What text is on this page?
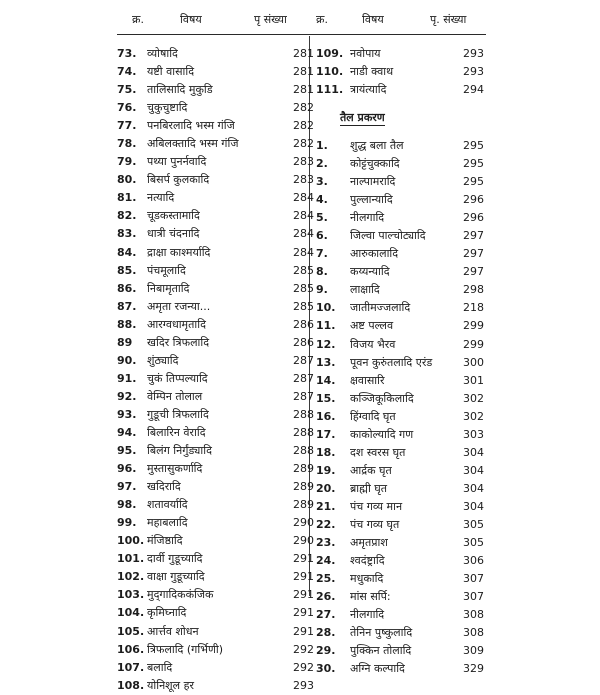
क्र.	विषय	पृ संख्या	क्र.	विषय	पृ. संख्या
73. व्योषादि	281
74. यष्टी वासादि	281
75. तालिसादि मुकुडि	281
76. चुकुचुष्टादि	282
77. पनबिरलादि भस्म गंजि	282
78. अबिलक्तादि भस्म गंजि	282
79. पथ्या पुनर्नवादि	283
80. बिसर्प कुलकादि	283
81. नत्यादि	284
82. चूडकस्तामादि	284
83. धात्री चंदनादि	284
84. द्राक्षा काश्मर्यादि	284
85. पंचमूलादि	285
86. निबामृतादि	285
87. अमृता रजन्या...	285
88. आरग्वधामृतादि	286
89 खदिर त्रिफलादि	286
90. शुंठ्यादि	287
91. चुकं तिप्पल्यादि	287
92. वेम्पिन तोलाल	287
93. गुडूची त्रिफलादि	288
94. बिलारिन वेरादि	288
95. बिलंग निर्गुंड्यादि	288
96. मुस्तासुकर्णादि	289
97. खदिरादि	289
98. शतावर्यादि	289
99. महाबलादि	290
100. मंजिष्ठादि	290
101. दार्वी गुडूच्यादि	291
102. वाक्षा गुडूच्यादि	291
103. मुद्‌गादिककंजिक	291
104. कृमिघ्नादि	291
105. आर्त्तव शोधन	291
106. त्रिफलादि (गर्भिणी)	292
107. बलादि	292
108. योनिशूल हर	293
109. नवोपाय	293
110. नाडी क्वाथ	293
111. त्रायंत्यादि	294
तैल प्रकरण
1. शुद्ध बला तैल	295
2. कोट्टंचुक्कादि	295
3. नाल्पामरादि	295
4. पुल्लान्यादि	296
5. नीलगादि	296
6. जिल्वा पाल्चोट्यादि	297
7. आरुकालादि	297
8. कय्यन्यादि	297
9. लाक्षादि	298
10. जातीमज्जलादि	218
11. अष्ट पल्लव	299
12. विजय भैरव	299
13. पूवन कुरुंतलादि एरंड	300
14. क्षवासारि	301
15. कञ्जिकूकिलादि	302
16. हिंग्वादि घृत	302
17. काकोल्यादि गण	303
18. दश स्वरस घृत	304
19. आर्द्रक घृत	304
20. ब्राह्मी घृत	304
21. पंच गव्य मान	304
22. पंच गव्य घृत	305
23. अमृतप्राश	305
24. श्वदंष्ट्रादि	306
25. मधुकादि	307
26. मांस सर्पि:	307
27. नीलगादि	308
28. तेनिन पुष्कुलादि	308
29. पुक्किन तोलादि	309
30. अग्नि कल्पादि	329
